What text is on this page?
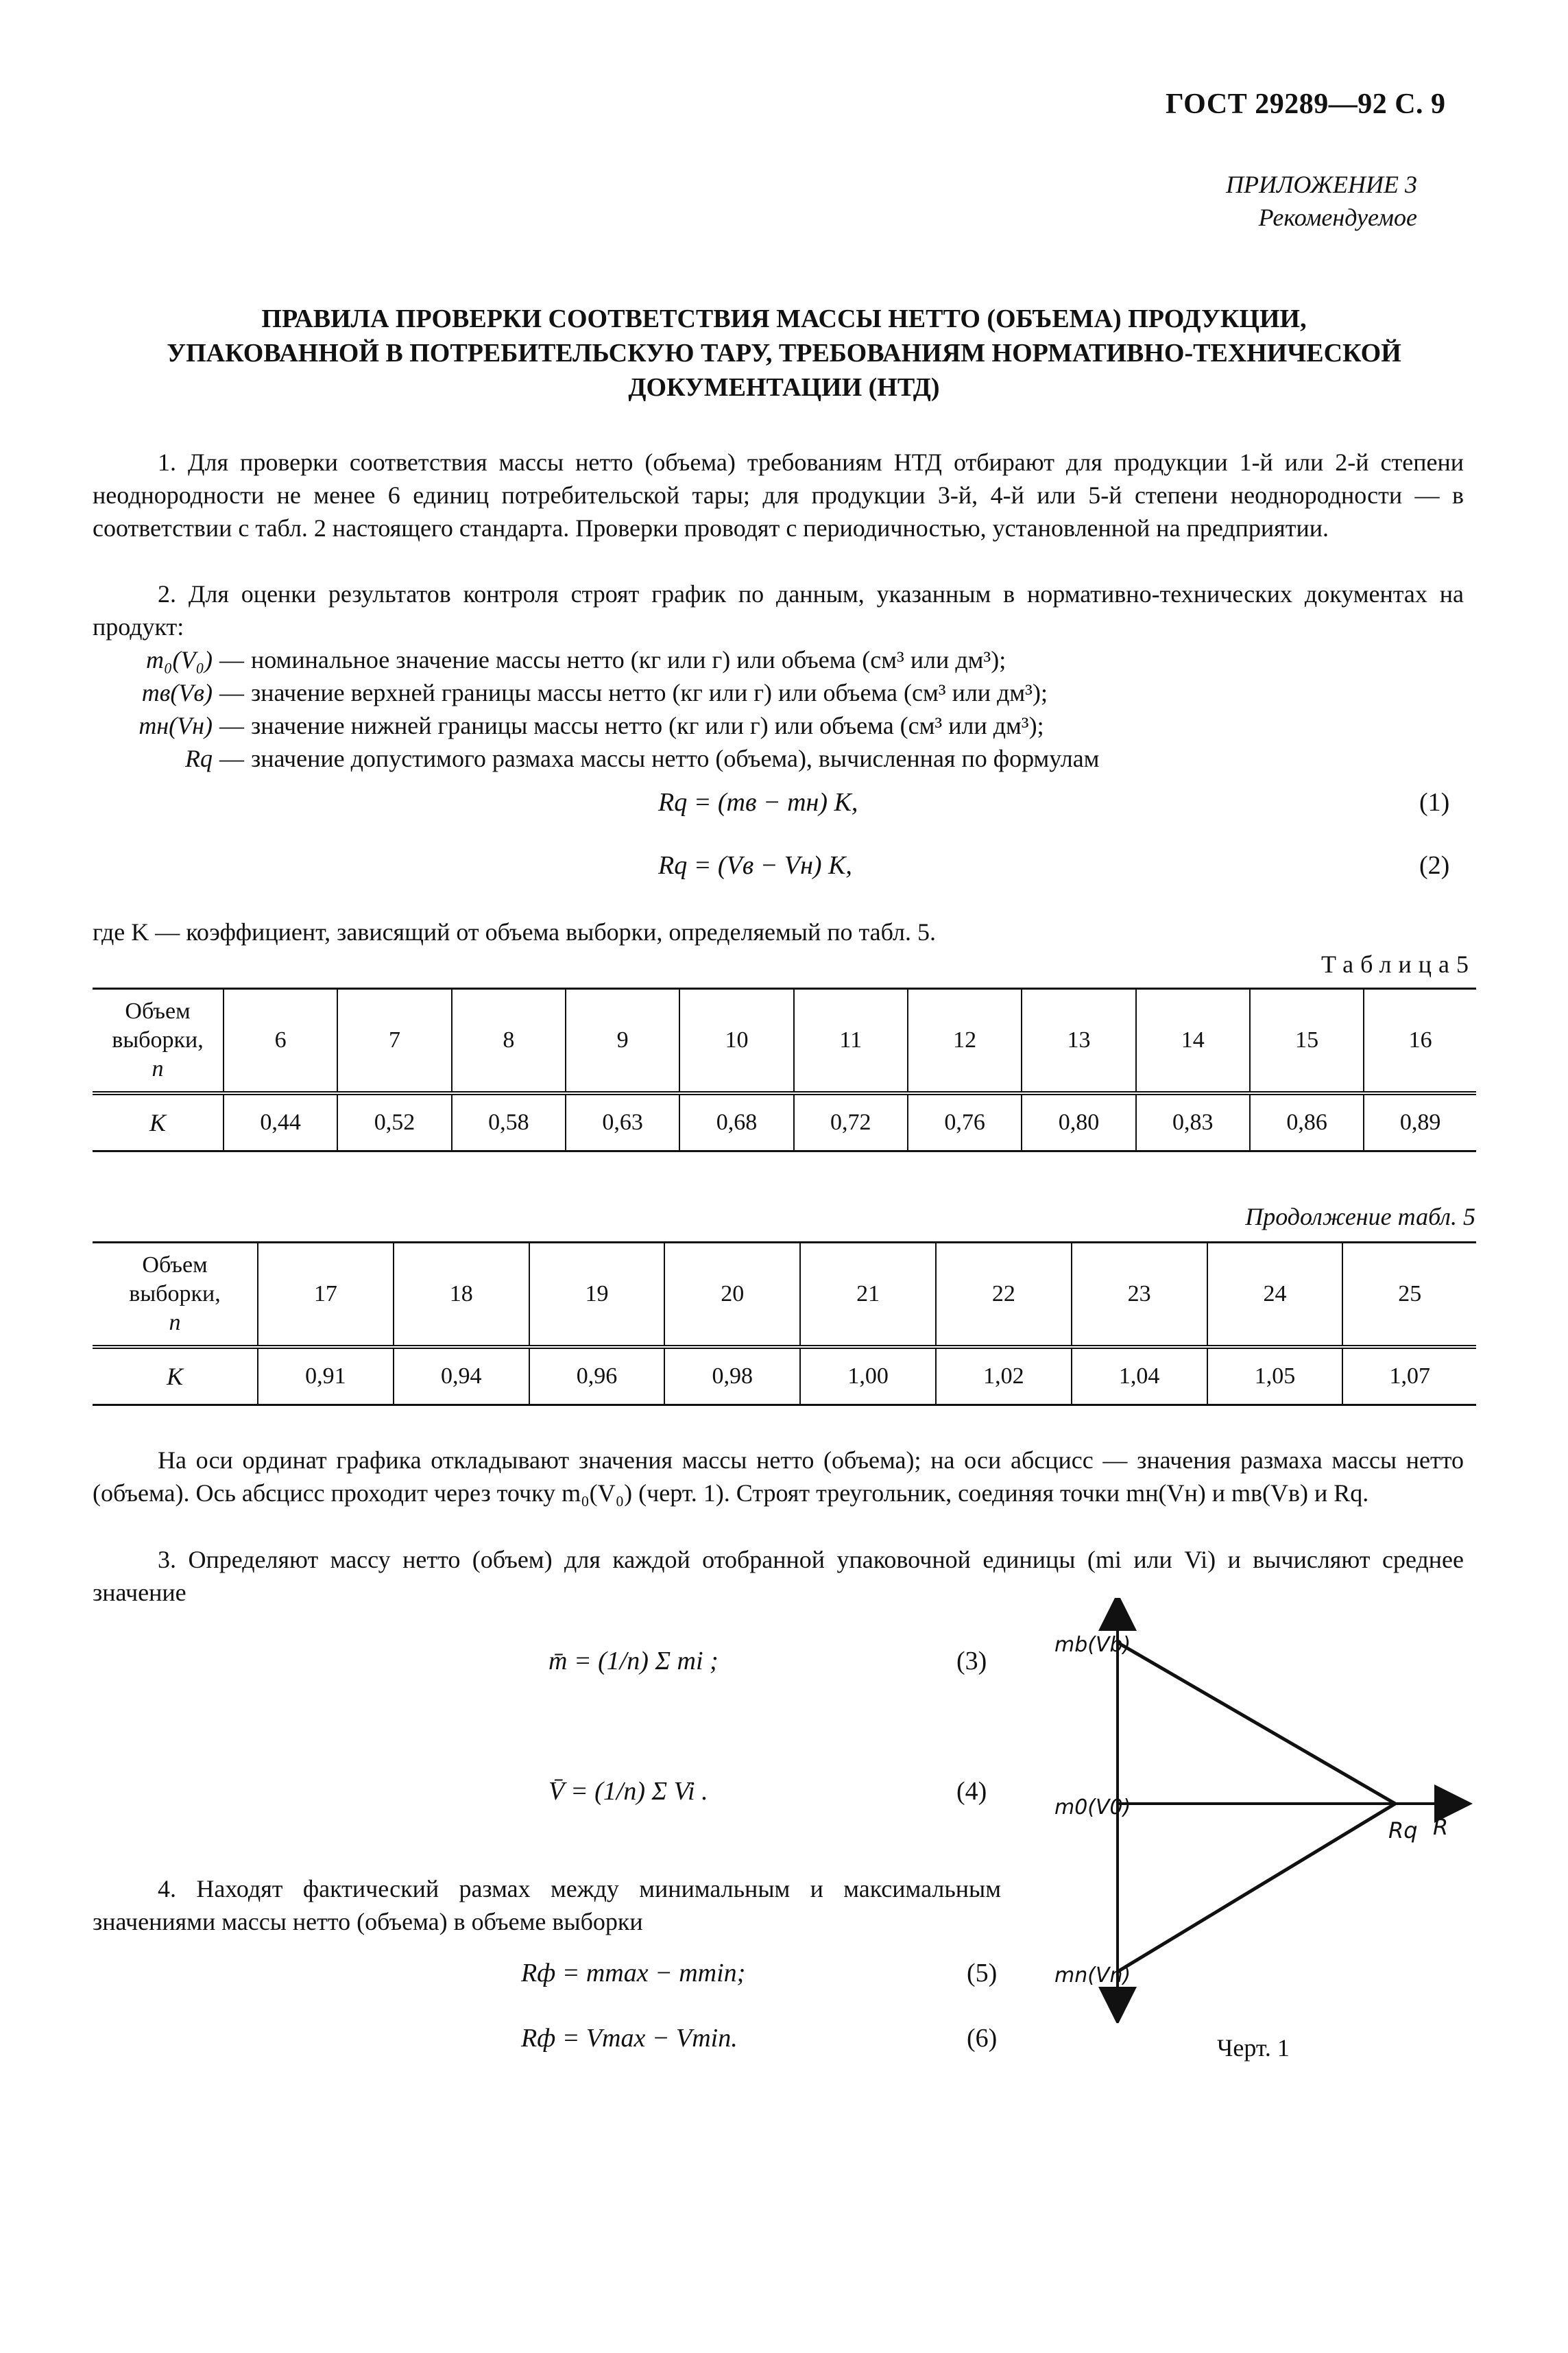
ГОСТ 29289—92 С. 9
ПРИЛОЖЕНИЕ 3
Рекомендуемое
ПРАВИЛА ПРОВЕРКИ СООТВЕТСТВИЯ МАССЫ НЕТТО (ОБЪЕМА) ПРОДУКЦИИ,
УПАКОВАННОЙ В ПОТРЕБИТЕЛЬСКУЮ ТАРУ, ТРЕБОВАНИЯМ НОРМАТИВНО-ТЕХНИЧЕСКОЙ
ДОКУМЕНТАЦИИ (НТД)
1. Для проверки соответствия массы нетто (объема) требованиям НТД отбирают для продукции 1-й или 2-й степени неоднородности не менее 6 единиц потребительской тары; для продукции 3-й, 4-й или 5-й степени неоднородности — в соответствии с табл. 2 настоящего стандарта. Проверки проводят с периодичностью, установленной на предприятии.
2. Для оценки результатов контроля строят график по данным, указанным в нормативно-технических документах на продукт:
m₀(V₀) — номинальное значение массы нетто (кг или г) или объема (см³ или дм³);
mв(Vв) — значение верхней границы массы нетто (кг или г) или объема (см³ или дм³);
mн(Vн) — значение нижней границы массы нетто (кг или г) или объема (см³ или дм³);
Rq — значение допустимого размаха массы нетто (объема), вычисленная по формулам
Rq = (mв − mн) K,	(1)
Rq = (Vв − Vн) K,	(2)
где K — коэффициент, зависящий от объема выборки, определяемый по табл. 5.
Таблица5
Объем
выборки,
n	6	7	8	9	10	11	12	13	14	15	16
K	0,44	0,52	0,58	0,63	0,68	0,72	0,76	0,80	0,83	0,86	0,89
Продолжение табл. 5
Объем
выборки,
n	17	18	19	20	21	22	23	24	25
K	0,91	0,94	0,96	0,98	1,00	1,02	1,04	1,05	1,07
На оси ординат графика откладывают значения массы нетто (объема); на оси абсцисс — значения размаха массы нетто (объема). Ось абсцисс проходит через точку m₀(V₀) (черт. 1). Строят треугольник, соединяя точки mн(Vн) и mв(Vв) и Rq.
3. Определяют массу нетто (объем) для каждой отобранной упаковочной единицы (mi или Vi) и вычисляют среднее значение
m̄ = (1/n) Σ mi ;	(3)
V̄ = (1/n) Σ Vi .	(4)
4. Находят фактический размах между минимальным и максимальным значениями массы нетто (объема) в объеме выборки
Rф = mmax − mmin;	(5)
Rф = Vmax − Vmin.	(6)
mb(Vb)
m0(V0)
mn(Vn)
Rq R
Черт. 1
